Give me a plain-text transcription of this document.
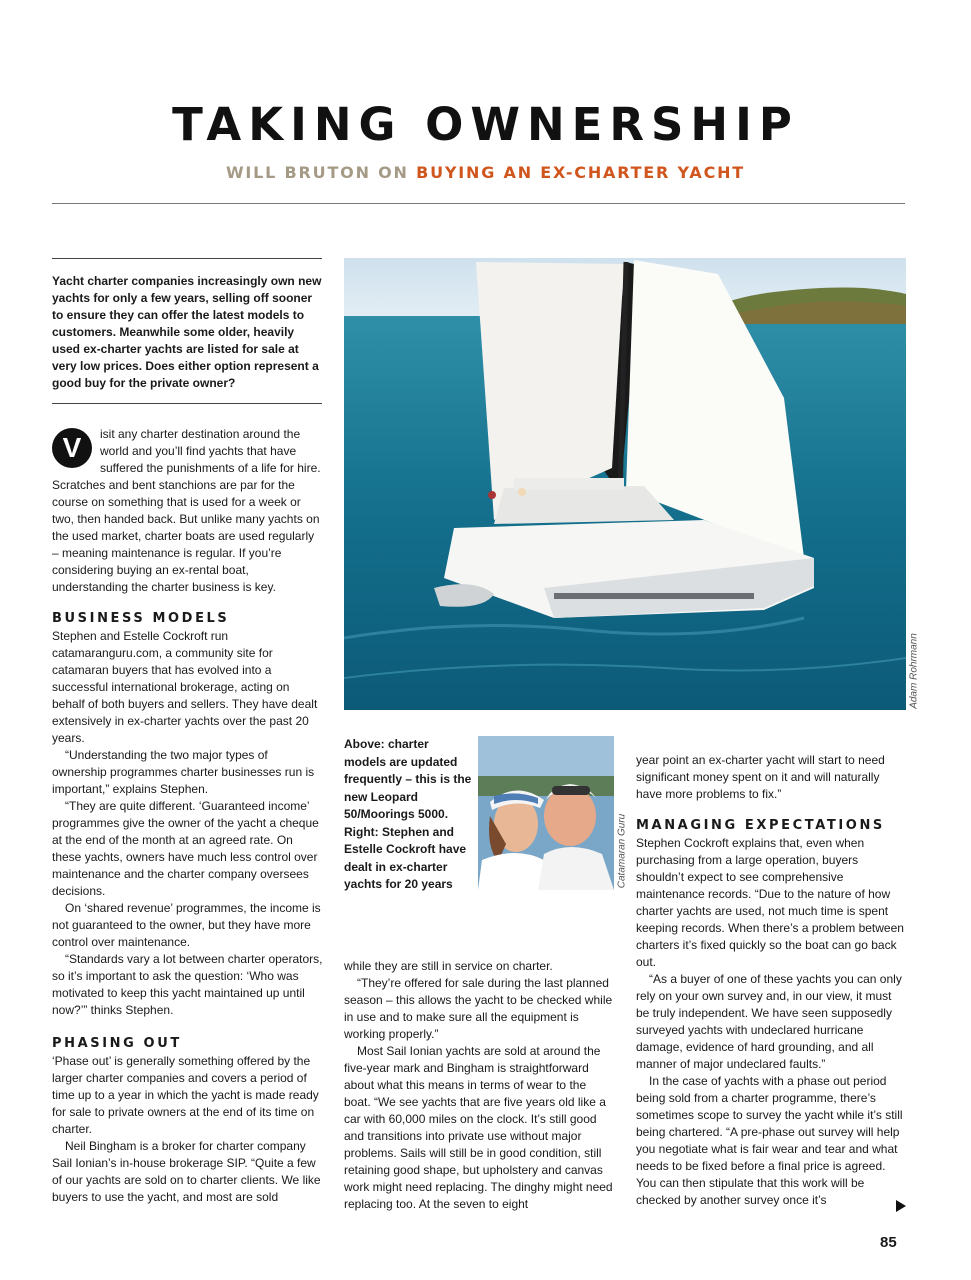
TAKING OWNERSHIP
WILL BRUTON ON BUYING AN EX-CHARTER YACHT
Yacht charter companies increasingly own new yachts for only a few years, selling off sooner to ensure they can offer the latest models to customers. Meanwhile some older, heavily used ex-charter yachts are listed for sale at very low prices. Does either option represent a good buy for the private owner?

V	isit any charter destination around the world and you’ll find yachts that have suffered the punishments of a life for hire. Scratches and bent stanchions are par for the course on something that is used for a week or two, then handed back. But unlike many yachts on the used market, charter boats are used regularly – meaning maintenance is regular. If you’re considering buying an ex-rental boat, understanding the charter business is key.

BUSINESS MODELS

Stephen and Estelle Cockroft run catamaranguru.com, a community site for catamaran buyers that has evolved into a successful international brokerage, acting on behalf of both buyers and sellers. They have dealt extensively in ex-charter yachts over the past 20 years.

“Understanding the two major types of ownership programmes charter businesses run is important,” explains Stephen.

“They are quite different. ‘Guaranteed income’ programmes give the owner of the yacht a cheque at the end of the month at an agreed rate. On these yachts, owners have much less control over maintenance and the charter company oversees decisions.

On ‘shared revenue’ programmes, the income is not guaranteed to the owner, but they have more control over maintenance.

“Standards vary a lot between charter operators, so it’s important to ask the question: ‘Who was motivated to keep this yacht maintained up until now?’” thinks Stephen.

PHASING OUT

‘Phase out’ is generally something offered by the larger charter companies and covers a period of time up to a year in which the yacht is made ready for sale to private owners at the end of its time on charter.

Neil Bingham is a broker for charter company Sail Ionian’s in-house brokerage SIP. “Quite a few of our yachts are sold on to charter clients. We like buyers to use the yacht, and most are sold

Adam Rohrmann
Above: charter models are updated frequently – this is the new Leopard 50/Moorings 5000. Right: Stephen and Estelle Cockroft have dealt in ex-charter yachts for 20 years	Catamaran Guru

while they are still in service on charter.

“They’re offered for sale during the last planned season – this allows the yacht to be checked while in use and to make sure all the equipment is working properly.”

Most Sail Ionian yachts are sold at around the five-year mark and Bingham is straightforward about what this means in terms of wear to the boat. “We see yachts that are five years old like a car with 60,000 miles on the clock. It’s still good and transitions into private use without major problems. Sails will still be in good condition, still retaining good shape, but upholstery and canvas work might need replacing. The dinghy might need replacing too. At the seven to eight

year point an ex-charter yacht will start to need significant money spent on it and will naturally have more problems to fix.”

MANAGING EXPECTATIONS

Stephen Cockroft explains that, even when purchasing from a large operation, buyers shouldn’t expect to see comprehensive maintenance records. “Due to the nature of how charter yachts are used, not much time is spent keeping records. When there’s a problem between charters it’s fixed quickly so the boat can go back out.

“As a buyer of one of these yachts you can only rely on your own survey and, in our view, it must be truly independent. We have seen supposedly surveyed yachts with undeclared hurricane damage, evidence of hard grounding, and all manner of major undeclared faults.”

In the case of yachts with a phase out period being sold from a charter programme, there’s sometimes scope to survey the yacht while it’s still being chartered. “A pre-phase out survey will help you negotiate what is fair wear and tear and what needs to be fixed before a final price is agreed. You can then stipulate that this work will be checked by another survey once it’s

85
